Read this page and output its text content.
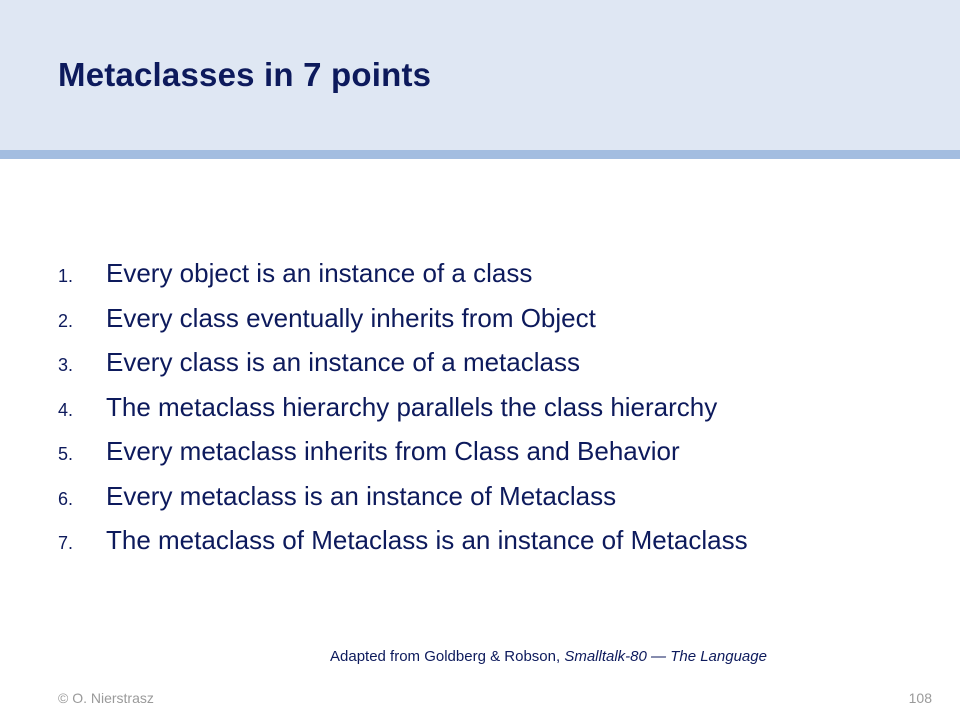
Metaclasses in 7 points
1.	Every object is an instance of a class
2.	Every class eventually inherits from Object
3.	Every class is an instance of a metaclass
4.	The metaclass hierarchy parallels the class hierarchy
5.	Every metaclass inherits from Class and Behavior
6.	Every metaclass is an instance of Metaclass
7.	The metaclass of Metaclass is an instance of Metaclass
Adapted from Goldberg & Robson, Smalltalk-80 — The Language
© O. Nierstrasz	108
